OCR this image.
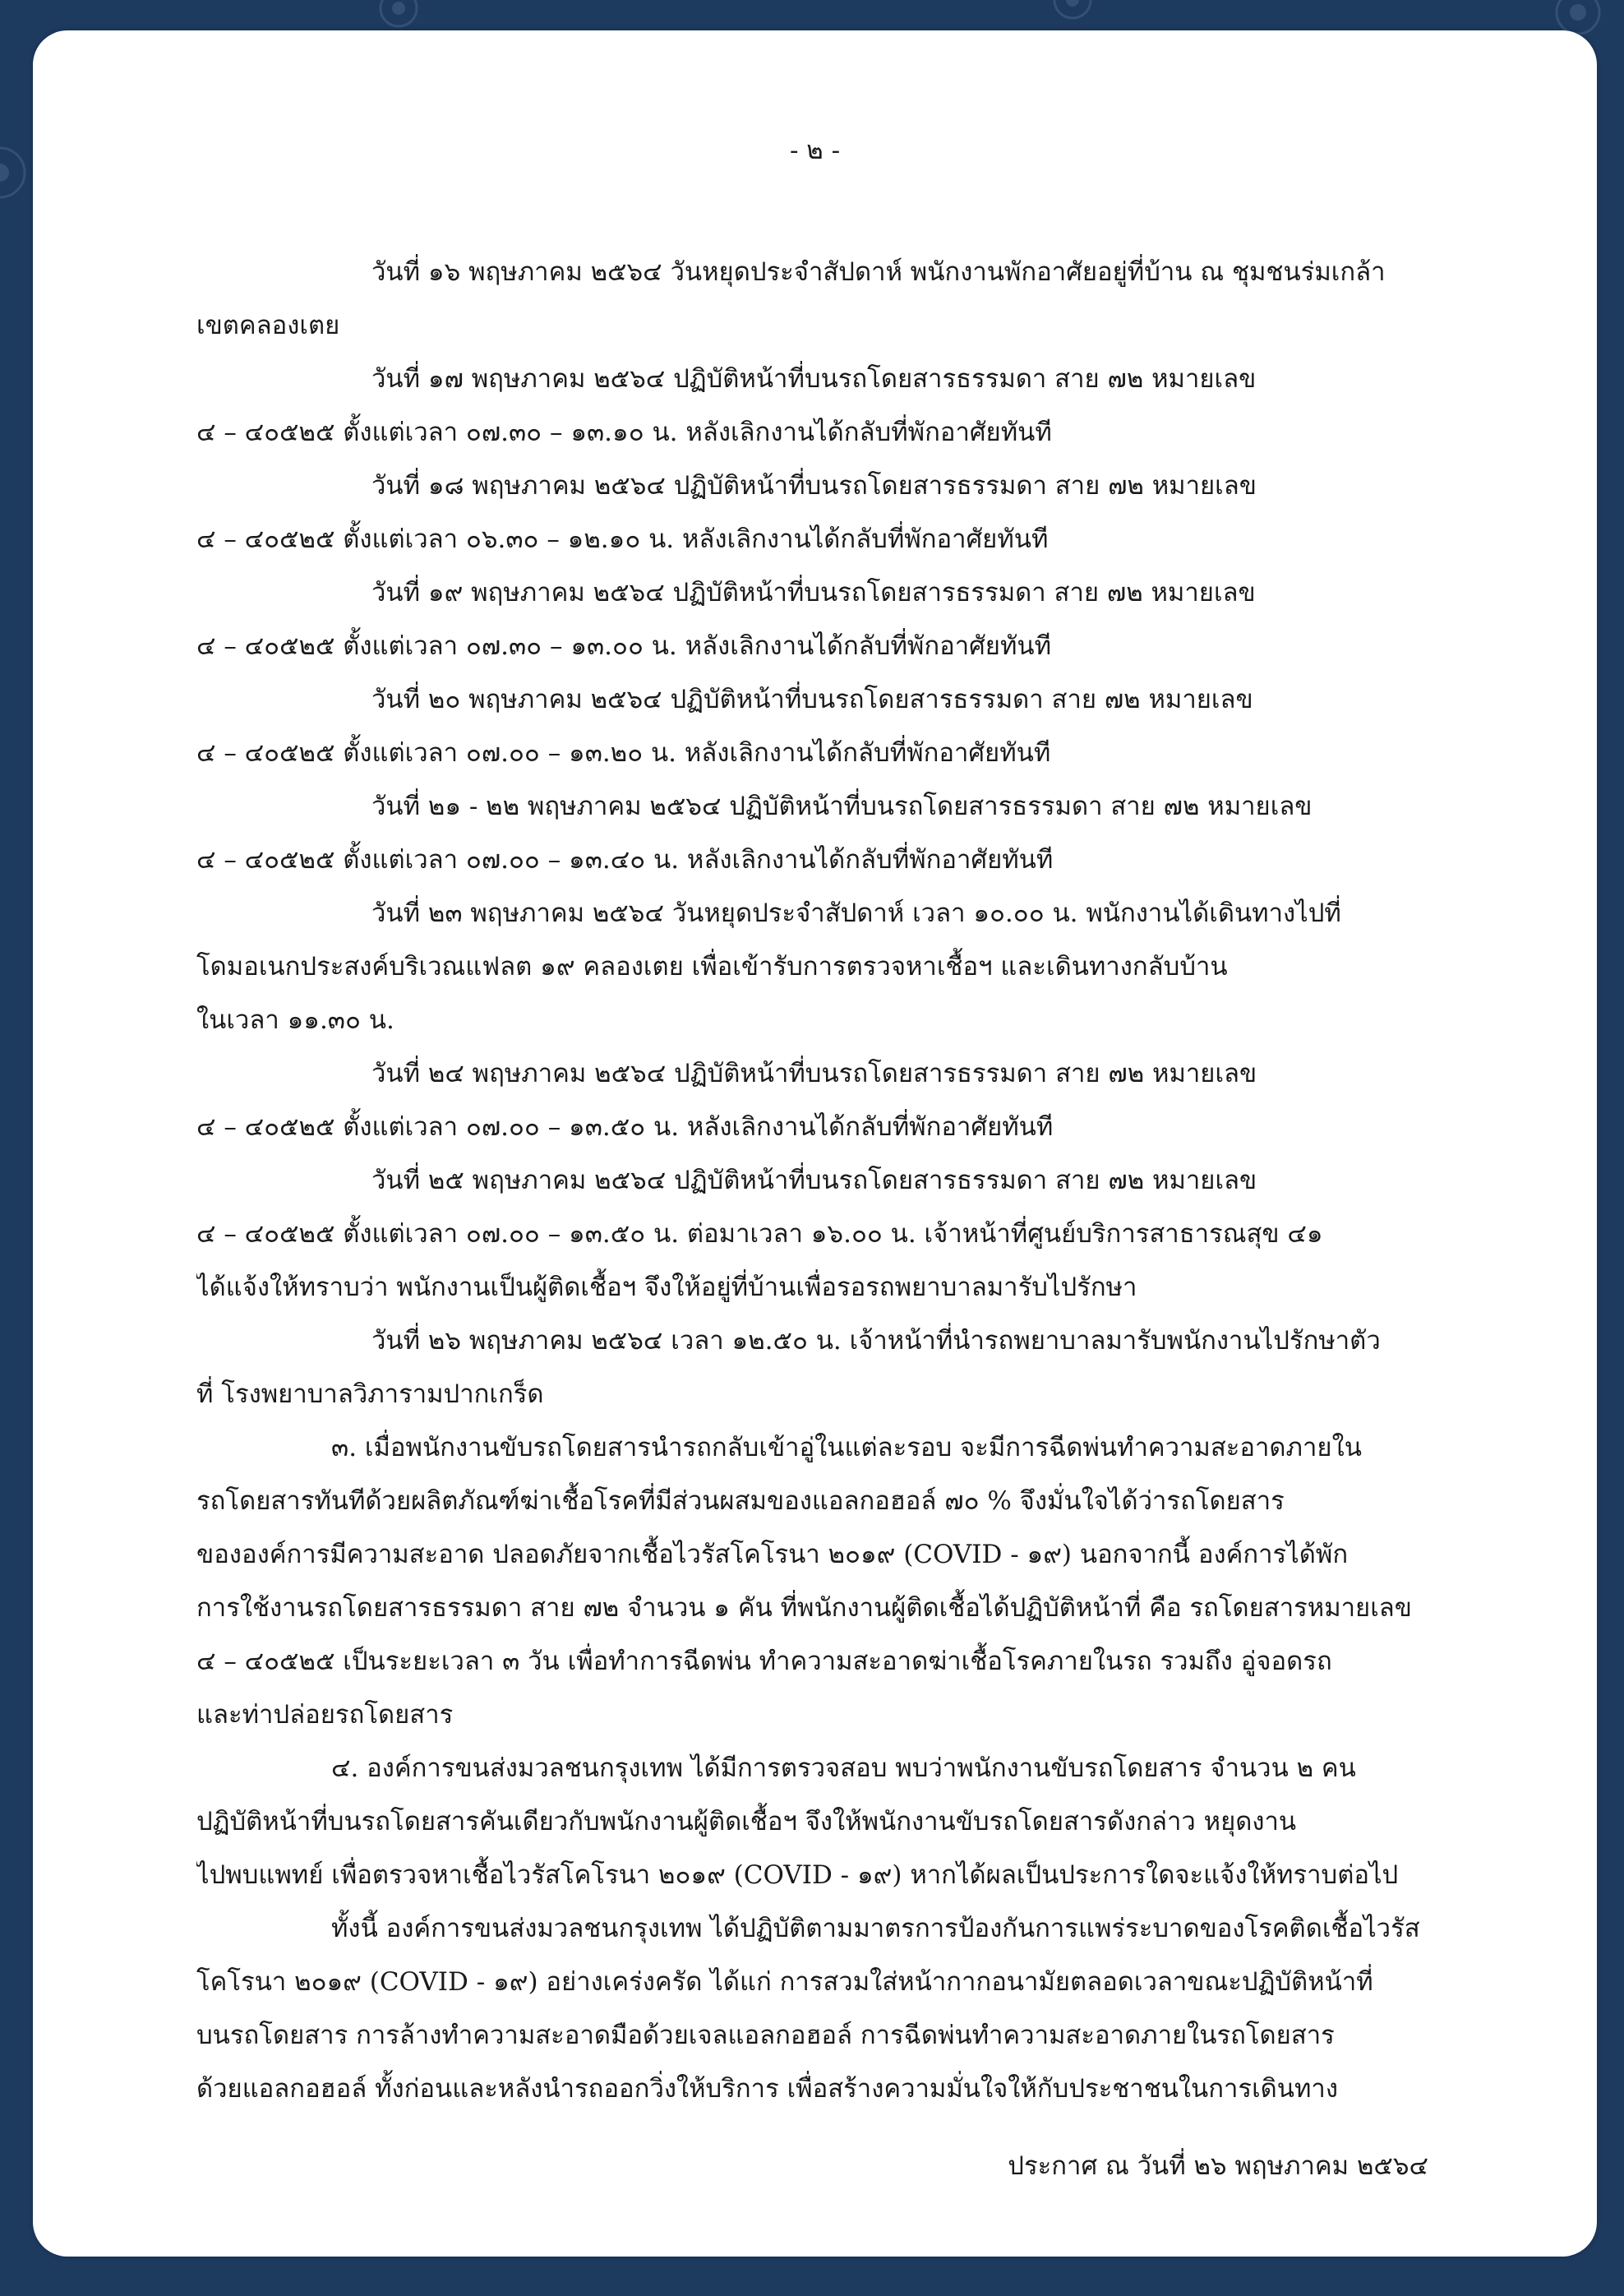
- ๒ -
วันที่ ๑๖ พฤษภาคม ๒๕๖๔ วันหยุดประจำสัปดาห์ พนักงานพักอาศัยอยู่ที่บ้าน ณ ชุมชนร่มเกล้า
เขตคลองเตย
วันที่ ๑๗ พฤษภาคม ๒๕๖๔ ปฏิบัติหน้าที่บนรถโดยสารธรรมดา สาย ๗๒ หมายเลข
๔ – ๔๐๕๒๕ ตั้งแต่เวลา ๐๗.๓๐ – ๑๓.๑๐ น. หลังเลิกงานได้กลับที่พักอาศัยทันที
วันที่ ๑๘ พฤษภาคม ๒๕๖๔ ปฏิบัติหน้าที่บนรถโดยสารธรรมดา สาย ๗๒ หมายเลข
๔ – ๔๐๕๒๕ ตั้งแต่เวลา ๐๖.๓๐ – ๑๒.๑๐ น. หลังเลิกงานได้กลับที่พักอาศัยทันที
วันที่ ๑๙ พฤษภาคม ๒๕๖๔ ปฏิบัติหน้าที่บนรถโดยสารธรรมดา สาย ๗๒ หมายเลข
๔ – ๔๐๕๒๕ ตั้งแต่เวลา ๐๗.๓๐ – ๑๓.๐๐ น. หลังเลิกงานได้กลับที่พักอาศัยทันที
วันที่ ๒๐ พฤษภาคม ๒๕๖๔ ปฏิบัติหน้าที่บนรถโดยสารธรรมดา สาย ๗๒ หมายเลข
๔ – ๔๐๕๒๕ ตั้งแต่เวลา ๐๗.๐๐ – ๑๓.๒๐ น. หลังเลิกงานได้กลับที่พักอาศัยทันที
วันที่ ๒๑ - ๒๒ พฤษภาคม ๒๕๖๔ ปฏิบัติหน้าที่บนรถโดยสารธรรมดา สาย ๗๒ หมายเลข
๔ – ๔๐๕๒๕ ตั้งแต่เวลา ๐๗.๐๐ – ๑๓.๔๐ น. หลังเลิกงานได้กลับที่พักอาศัยทันที
วันที่ ๒๓ พฤษภาคม ๒๕๖๔ วันหยุดประจำสัปดาห์ เวลา ๑๐.๐๐ น. พนักงานได้เดินทางไปที่
โดมอเนกประสงค์บริเวณแฟลต ๑๙ คลองเตย เพื่อเข้ารับการตรวจหาเชื้อฯ และเดินทางกลับบ้าน
ในเวลา ๑๑.๓๐ น.
วันที่ ๒๔ พฤษภาคม ๒๕๖๔ ปฏิบัติหน้าที่บนรถโดยสารธรรมดา สาย ๗๒ หมายเลข
๔ – ๔๐๕๒๕ ตั้งแต่เวลา ๐๗.๐๐ – ๑๓.๕๐ น. หลังเลิกงานได้กลับที่พักอาศัยทันที
วันที่ ๒๕ พฤษภาคม ๒๕๖๔ ปฏิบัติหน้าที่บนรถโดยสารธรรมดา สาย ๗๒ หมายเลข
๔ – ๔๐๕๒๕ ตั้งแต่เวลา ๐๗.๐๐ – ๑๓.๕๐ น. ต่อมาเวลา ๑๖.๐๐ น. เจ้าหน้าที่ศูนย์บริการสาธารณสุข ๔๑
ได้แจ้งให้ทราบว่า พนักงานเป็นผู้ติดเชื้อฯ จึงให้อยู่ที่บ้านเพื่อรอรถพยาบาลมารับไปรักษา
วันที่ ๒๖ พฤษภาคม ๒๕๖๔ เวลา ๑๒.๕๐ น. เจ้าหน้าที่นำรถพยาบาลมารับพนักงานไปรักษาตัว
ที่ โรงพยาบาลวิภารามปากเกร็ด
๓. เมื่อพนักงานขับรถโดยสารนำรถกลับเข้าอู่ในแต่ละรอบ จะมีการฉีดพ่นทำความสะอาดภายใน
รถโดยสารทันทีด้วยผลิตภัณฑ์ฆ่าเชื้อโรคที่มีส่วนผสมของแอลกอฮอล์ ๗๐ % จึงมั่นใจได้ว่ารถโดยสาร
ขององค์การมีความสะอาด ปลอดภัยจากเชื้อไวรัสโคโรนา ๒๐๑๙ (COVID - ๑๙) นอกจากนี้ องค์การได้พัก
การใช้งานรถโดยสารธรรมดา สาย ๗๒ จำนวน ๑ คัน ที่พนักงานผู้ติดเชื้อได้ปฏิบัติหน้าที่ คือ รถโดยสารหมายเลข
๔ – ๔๐๕๒๕ เป็นระยะเวลา ๓ วัน เพื่อทำการฉีดพ่น ทำความสะอาดฆ่าเชื้อโรคภายในรถ รวมถึง อู่จอดรถ
และท่าปล่อยรถโดยสาร
๔. องค์การขนส่งมวลชนกรุงเทพ ได้มีการตรวจสอบ พบว่าพนักงานขับรถโดยสาร จำนวน ๒ คน
ปฏิบัติหน้าที่บนรถโดยสารคันเดียวกับพนักงานผู้ติดเชื้อฯ จึงให้พนักงานขับรถโดยสารดังกล่าว หยุดงาน
ไปพบแพทย์ เพื่อตรวจหาเชื้อไวรัสโคโรนา ๒๐๑๙ (COVID - ๑๙) หากได้ผลเป็นประการใดจะแจ้งให้ทราบต่อไป
ทั้งนี้ องค์การขนส่งมวลชนกรุงเทพ ได้ปฏิบัติตามมาตรการป้องกันการแพร่ระบาดของโรคติดเชื้อไวรัส
โคโรนา ๒๐๑๙ (COVID - ๑๙) อย่างเคร่งครัด ได้แก่ การสวมใส่หน้ากากอนามัยตลอดเวลาขณะปฏิบัติหน้าที่
บนรถโดยสาร การล้างทำความสะอาดมือด้วยเจลแอลกอฮอล์ การฉีดพ่นทำความสะอาดภายในรถโดยสาร
ด้วยแอลกอฮอล์ ทั้งก่อนและหลังนำรถออกวิ่งให้บริการ เพื่อสร้างความมั่นใจให้กับประชาชนในการเดินทาง
ประกาศ ณ วันที่ ๒๖ พฤษภาคม ๒๕๖๔
